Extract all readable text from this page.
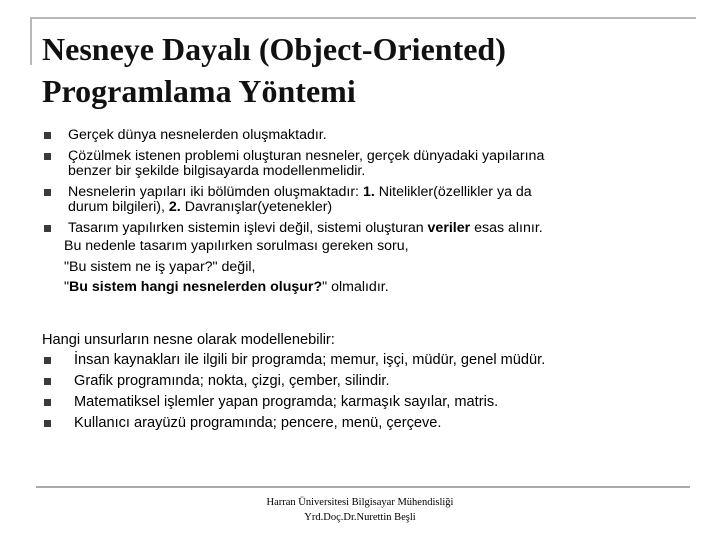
Nesneye Dayalı (Object-Oriented)
Programlama Yöntemi
Gerçek dünya nesnelerden oluşmaktadır.
Çözülmek istenen problemi oluşturan nesneler, gerçek dünyadaki yapılarına
benzer bir şekilde bilgisayarda modellenmelidir.
Nesnelerin yapıları iki bölümden oluşmaktadır: 1. Nitelikler(özellikler ya da
durum bilgileri), 2. Davranışlar(yetenekler)
Tasarım yapılırken sistemin işlevi değil, sistemi oluşturan veriler esas alınır.
Bu nedenle tasarım yapılırken sorulması gereken soru,
"Bu sistem ne iş yapar?" değil,
"Bu sistem hangi nesnelerden oluşur?" olmalıdır.
Hangi unsurların nesne olarak modellenebilir:
İnsan kaynakları ile ilgili bir programda; memur, işçi, müdür, genel müdür.
Grafik programında; nokta, çizgi, çember, silindir.
Matematiksel işlemler yapan programda; karmaşık sayılar, matris.
Kullanıcı arayüzü programında; pencere, menü, çerçeve.
Harran Üniversitesi Bilgisayar Mühendisliği
Yrd.Doç.Dr.Nurettin Beşli
